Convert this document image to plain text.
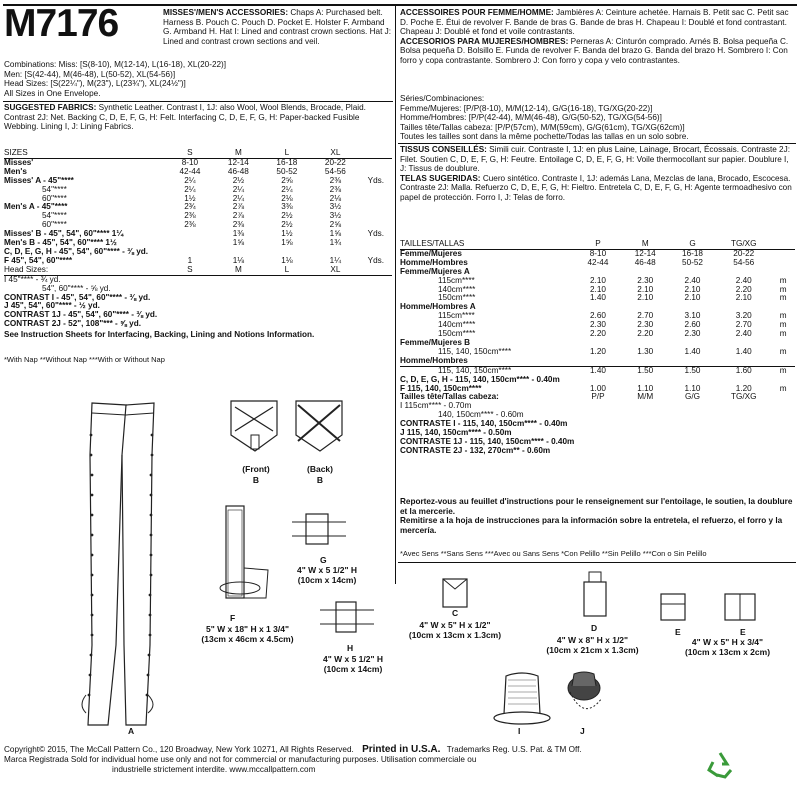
M7176	MISSES'/MEN'S ACCESSORIES: Chaps A: Purchased belt. Harness B. Pouch C. Pouch D. Pocket E. Holster F. Armband G. Armband H. Hat I: Lined and contrast crown sections. Hat J: Lined and contrast crown sections and veil.
ACCESSOIRES POUR FEMME/HOMME: Jambières A: Ceinture achetée. Harnais B. Petit sac C. Petit sac D. Poche E. Étui de revolver F. Bande de bras G. Bande de bras H. Chapeau I: Doublé et fond contrastant. Chapeau J: Doublé et fond et voile contrastants.
ACCESORIOS PARA MUJERES/HOMBRES: Perneras A: Cinturón comprado. Arnés B. Bolsa pequeña C. Bolsa pequeña D. Bolsillo E. Funda de revolver F. Banda del brazo G. Banda del brazo H. Sombrero I: Con forro y copa contrastante. Sombrero J: Con forro y copa y velo contrastantes.
Combinations: Miss: [S(8-10), M(12-14), L(16-18), XL(20-22)]
Men: [S(42-44), M(46-48), L(50-52), XL(54-56)]
Head Sizes: [S(22¼"), M(23"), L(23¾"), XL(24½")]
All Sizes in One Envelope.
SUGGESTED FABRICS: Synthetic Leather. Contrast I, 1J: also Wool, Wool Blends, Brocade, Plaid. Contrast 2J: Net. Backing C, D, E, F, G, H: Felt. Interfacing C, D, E, F, G, H: Paper-backed Fusible Webbing. Lining I, J: Lining Fabrics.
SIZES	S	M	L	XL	
Misses'	8-10	12-14	16-18	20-22	
Men's	42-44	46-48	50-52	54-56	
Misses' A - 45"****	2¼	2½	2⅝	2⅜	Yds.
54"****	2¼	2¼	2¼	2⅜	
60"****	1½	2¼	2⅛	2⅛	
Men's A - 45"****	2¾	2⅞	3⅜	3½	
54"****	2⅜	2⅞	2½	3½	
60"****	2⅜	2⅜	2½	2⅝	
Misses' B - 45", 54", 60"**** 1¼		1⅜	1½	1⅝	Yds.
Men's B - 45", 54", 60"**** 1½		1⅝	1⅝	1¾	
C, D, E, G, H - 45", 54", 60"**** - ⅜ yd.					
F 45", 54", 60"****	1	1⅛	1⅛	1¼	Yds.
Head Sizes:	S	M	L	XL	
I 45"**** - ¾ yd.					
54", 60"**** - ⅝ yd.					
CONTRAST I - 45", 54", 60"**** - ⅜ yd.					
J 45", 54", 60"**** - ½ yd.					
CONTRAST 1J - 45", 54", 60"**** - ⅜ yd.					
CONTRAST 2J - 52", 108"*** - ⅝ yd.					
See Instruction Sheets for Interfacing, Backing, Lining and Notions Information.
*With Nap **Without Nap ***With or Without Nap
Séries/Combinaciones:
Femme/Mujeres: [P/P(8-10), M/M(12-14), G/G(16-18), TG/XG(20-22)]
Homme/Hombres: [P/P(42-44), M/M(46-48), G/G(50-52), TG/XG(54-56)]
Tailles tête/Tallas cabeza: [P/P(57cm), M/M(59cm), G/G(61cm), TG/XG(62cm)]
Toutes les tailles sont dans la même pochette/Todas las tallas en un solo sobre.
TISSUS CONSEILLÉS: Simili cuir. Contraste I, 1J: en plus Laine, Lainage, Brocart, Écossais. Contraste 2J: Filet. Soutien C, D, E, F, G, H: Feutre. Entoilage C, D, E, F, G, H: Voile thermocollant sur papier. Doublure I, J: Tissus de doublure.
TELAS SUGERIDAS: Cuero sintético. Contraste I, 1J: además Lana, Mezclas de lana, Brocado, Escocesa. Contraste 2J: Malla. Refuerzo C, D, E, F, G, H: Fieltro. Entretela C, D, E, F, G, H: Agente termoadhesivo con papel de protección. Forro I, J: Telas de forro.
TAILLES/TALLAS	P	M	G	TG/XG	
Femme/Mujeres	8-10	12-14	16-18	20-22	
Homme/Hombres	42-44	46-48	50-52	54-56	
Femme/Mujeres A					
115cm****	2.10	2.30	2.40	2.40	m
140cm****	2.10	2.10	2.10	2.20	m
150cm****	1.40	2.10	2.10	2.10	m
Homme/Hombres A					
115cm****	2.60	2.70	3.10	3.20	m
140cm****	2.30	2.30	2.60	2.70	m
150cm****	2.20	2.20	2.30	2.40	m
Femme/Mujeres B					
115, 140, 150cm****	1.20	1.30	1.40	1.40	m
Homme/Hombres					
115, 140, 150cm****	1.40	1.50	1.50	1.60	m
C, D, E, G, H - 115, 140, 150cm**** - 0.40m					
F 115, 140, 150cm****	1.00	1.10	1.10	1.20	m
Tailles tête/Tallas cabeza:	P/P	M/M	G/G	TG/XG	
I 115cm**** - 0.70m					
140, 150cm**** - 0.60m					
CONTRASTE I - 115, 140, 150cm**** - 0.40m					
J 115, 140, 150cm**** - 0.50m					
CONTRASTE 1J - 115, 140, 150cm**** - 0.40m					
CONTRASTE 2J - 132, 270cm** - 0.60m					
Reportez-vous au feuillet d'instructions pour le renseignement sur l'entoilage, le soutien, la doublure et la mercerie.
Remitirse a la hoja de instrucciones para la información sobre la entretela, el refuerzo, el forro y la mercería.
*Avec Sens **Sans Sens ***Avec ou Sans Sens *Con Pelillo **Sin Pelillo ***Con o Sin Pelillo
A
(Front)
B
(Back)
B
F
5" W x 18" H x 1 3/4"
(13cm x 46cm x 4.5cm)
G
4" W x 5 1/2" H
(10cm x 14cm)
H
4" W x 5 1/2" H
(10cm x 14cm)
C
4" W x 5" H x 1/2"
(10cm x 13cm x 1.3cm)
D
4" W x 8" H x 1/2"
(10cm x 21cm x 1.3cm)
E	E
4" W x 5" H x 3/4"
(10cm x 13cm x 2cm)
I	J
Copyright© 2015, The McCall Pattern Co., 120 Broadway, New York 10271, All Rights Reserved. Printed in U.S.A. Trademarks Reg. U.S. Pat. & TM Off.
Marca Registrada Sold for individual home use only and not for commercial or manufacturing purposes. Utilisation commerciale ou
industrielle strictement interdite. www.mccallpattern.com
